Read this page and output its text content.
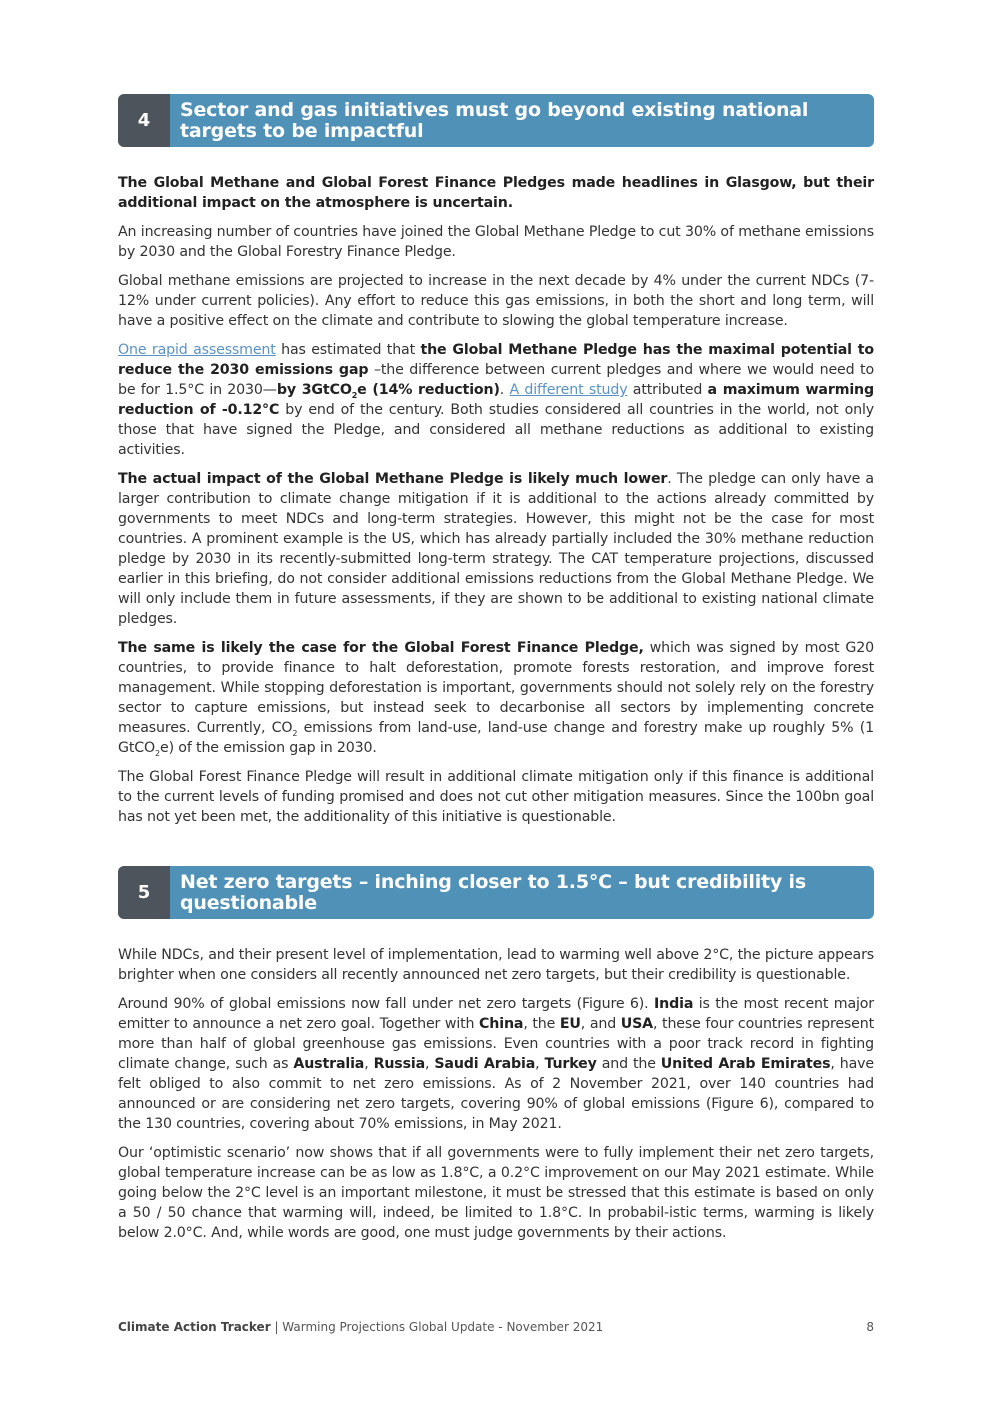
4	Sector and gas initiatives must go beyond existing national targets to be impactful

The Global Methane and Global Forest Finance Pledges made headlines in Glasgow, but their additional impact on the atmosphere is uncertain.

An increasing number of countries have joined the Global Methane Pledge to cut 30% of methane emissions by 2030 and the Global Forestry Finance Pledge.

Global methane emissions are projected to increase in the next decade by 4% under the current NDCs (7-12% under current policies). Any effort to reduce this gas emissions, in both the short and long term, will have a positive effect on the climate and contribute to slowing the global temperature increase.

One rapid assessment has estimated that the Global Methane Pledge has the maximal potential to reduce the 2030 emissions gap –the difference between current pledges and where we would need to be for 1.5°C in 2030—by 3GtCO$_2$e (14% reduction). A different study attributed a maximum warming reduction of -0.12°C by end of the century. Both studies considered all countries in the world, not only those that have signed the Pledge, and considered all methane reductions as additional to existing activities.

The actual impact of the Global Methane Pledge is likely much lower. The pledge can only have a larger contribution to climate change mitigation if it is additional to the actions already committed by governments to meet NDCs and long-term strategies. However, this might not be the case for most countries. A prominent example is the US, which has already partially included the 30% methane reduction pledge by 2030 in its recently-submitted long-term strategy. The CAT temperature projections, discussed earlier in this briefing, do not consider additional emissions reductions from the Global Methane Pledge. We will only include them in future assessments, if they are shown to be additional to existing national climate pledges.

The same is likely the case for the Global Forest Finance Pledge, which was signed by most G20 countries, to provide finance to halt deforestation, promote forests restoration, and improve forest management. While stopping deforestation is important, governments should not solely rely on the forestry sector to capture emissions, but instead seek to decarbonise all sectors by implementing concrete measures. Currently, $CO_2$ emissions from land-use, land-use change and forestry make up roughly 5% (1 GtCO$_2$e) of the emission gap in 2030.

The Global Forest Finance Pledge will result in additional climate mitigation only if this finance is additional to the current levels of funding promised and does not cut other mitigation measures. Since the 100bn goal has not yet been met, the additionality of this initiative is questionable.

5	Net zero targets – inching closer to 1.5°C – but credibility is questionable

While NDCs, and their present level of implementation, lead to warming well above 2°C, the picture appears brighter when one considers all recently announced net zero targets, but their credibility is questionable.

Around 90% of global emissions now fall under net zero targets (Figure 6). India is the most recent major emitter to announce a net zero goal. Together with China, the EU, and USA, these four countries represent more than half of global greenhouse gas emissions. Even countries with a poor track record in fighting climate change, such as Australia, Russia, Saudi Arabia, Turkey and the United Arab Emirates, have felt obliged to also commit to net zero emissions. As of 2 November 2021, over 140 countries had announced or are considering net zero targets, covering 90% of global emissions (Figure 6), compared to the 130 countries, covering about 70% emissions, in May 2021.

Our ‘optimistic scenario’ now shows that if all governments were to fully implement their net zero targets, global temperature increase can be as low as 1.8°C, a 0.2°C improvement on our May 2021 estimate. While going below the 2°C level is an important milestone, it must be stressed that this estimate is based on only a 50 / 50 chance that warming will, indeed, be limited to 1.8°C. In probabil-istic terms, warming is likely below 2.0°C. And, while words are good, one must judge governments by their actions.

Climate Action Tracker | Warming Projections Global Update - November 2021	8
